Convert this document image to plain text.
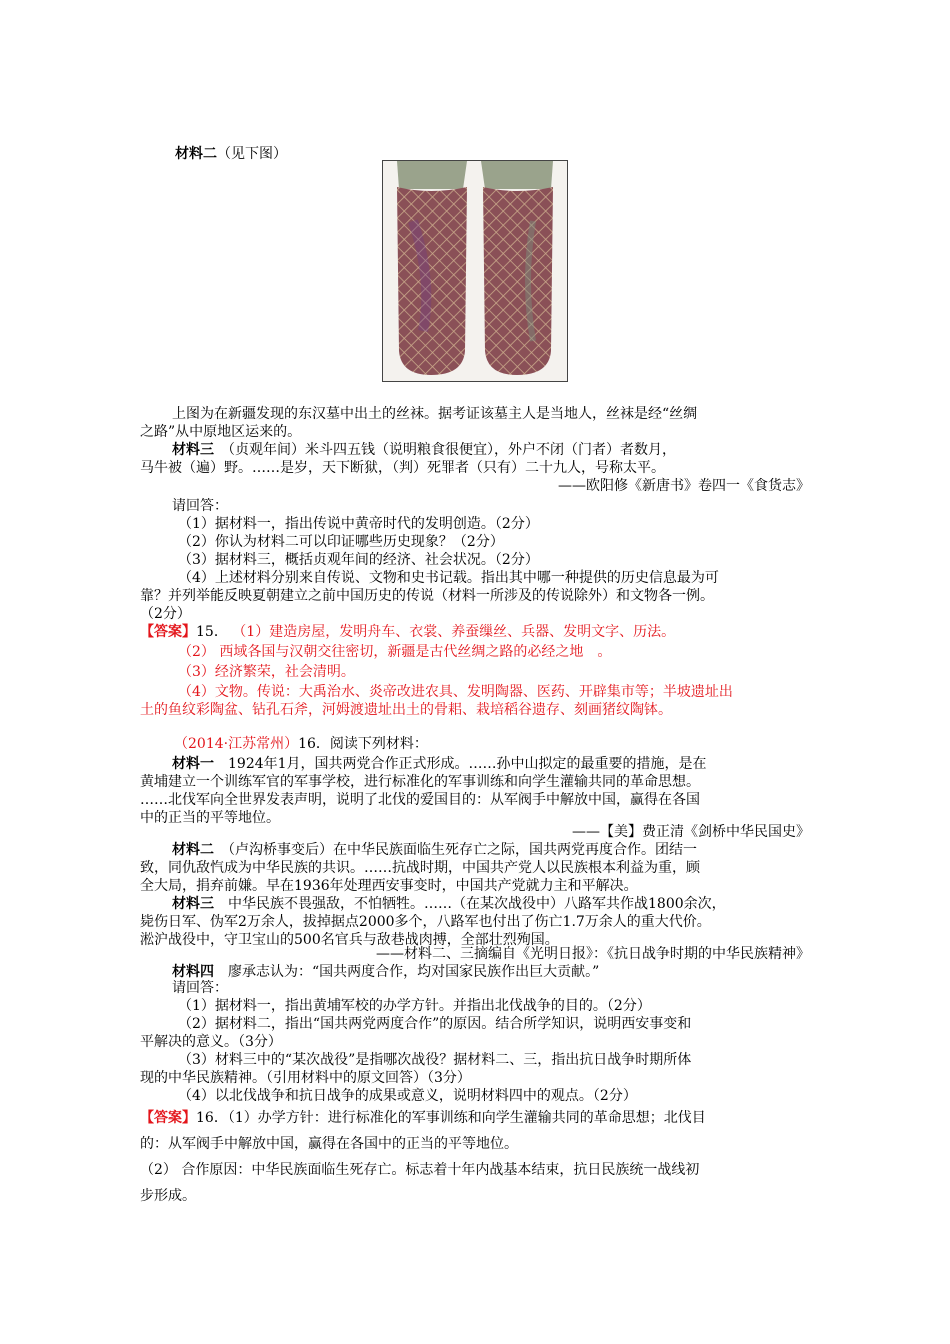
材料二（见下图）
上图为在新疆发现的东汉墓中出土的丝袜。据考证该墓主人是当地人，丝袜是经“丝绸
之路”从中原地区运来的。
材料三　 （贞观年间）米斗四五钱（说明粮食很便宜），外户不闭（门者）者数月，
马牛被（遍）野。……是岁，天下断狱，（判）死罪者（只有）二十九人，号称太平。
——欧阳修《新唐书》卷四一《食货志》
请回答：
（1）据材料一，指出传说中黄帝时代的发明创造。（2分）
（2）你认为材料二可以印证哪些历史现象？（2分）
（3）据材料三，概括贞观年间的经济、社会状况。（2分）
（4）上述材料分别来自传说、文物和史书记载。指出其中哪一种提供的历史信息最为可
靠？并列举能反映夏朝建立之前中国历史的传说（材料一所涉及的传说除外）和文物各一例。
（2分）
【答案】15． （1）建造房屋，发明舟车、衣裳、养蚕缫丝、兵器、发明文字、历法。
（2） 西域各国与汉朝交往密切，新疆是古代丝绸之路的必经之地　。
（3）经济繁荣，社会清明。
（4）文物。传说：大禹治水、炎帝改进农具、发明陶器、医药、开辟集市等；半坡遗址出
土的鱼纹彩陶盆、钻孔石斧，河姆渡遗址出土的骨耜、栽培稻谷遗存、刻画猪纹陶钵。
（2014·江苏常州）16．阅读下列材料：
材料一　 1924年1月，国共两党合作正式形成。……孙中山拟定的最重要的措施，是在
黄埔建立一个训练军官的军事学校，进行标准化的军事训练和向学生灌输共同的革命思想。
……北伐军向全世界发表声明，说明了北伐的爱国目的：从军阀手中解放中国，赢得在各国
中的正当的平等地位。
——【美】费正清《剑桥中华民国史》
材料二　 （卢沟桥事变后）在中华民族面临生死存亡之际，国共两党再度合作。团结一
致，同仇敌忾成为中华民族的共识。……抗战时期，中国共产党人以民族根本利益为重，顾
全大局，捐弃前嫌。早在1936年处理西安事变时，中国共产党就力主和平解决。
材料三　 中华民族不畏强敌，不怕牺牲。……（在某次战役中）八路军共作战1800余次，
毙伤日军、伪军2万余人，拔掉据点2000多个，八路军也付出了伤亡1.7万余人的重大代价。
淞沪战役中，守卫宝山的500名官兵与敌巷战肉搏，全部壮烈殉国。
——材料二、三摘编自《光明日报》：《抗日战争时期的中华民族精神》
材料四　 廖承志认为：“国共两度合作，均对国家民族作出巨大贡献。”
请回答：
（1）据材料一，指出黄埔军校的办学方针。并指出北伐战争的目的。（2分）
（2）据材料二，指出“国共两党两度合作”的原因。结合所学知识，说明西安事变和
平解决的意义。（3分）
（3）材料三中的“某次战役”是指哪次战役？据材料二、三，指出抗日战争时期所体
现的中华民族精神。（引用材料中的原文回答）（3分）
（4）以北伐战争和抗日战争的成果或意义，说明材料四中的观点。（2分）
【答案】16．（1）办学方针：进行标准化的军事训练和向学生灌输共同的革命思想；北伐目
的：从军阀手中解放中国，赢得在各国中的正当的平等地位。
（2） 合作原因：中华民族面临生死存亡。标志着十年内战基本结束，抗日民族统一战线初
步形成。
